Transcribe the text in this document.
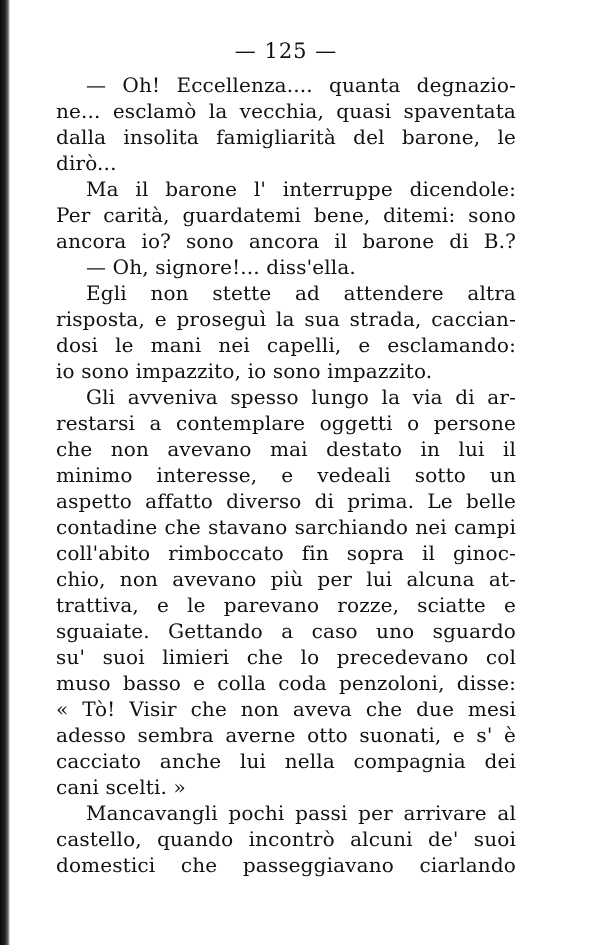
— 125 —
— Oh! Eccellenza.... quanta degnazio-
ne... esclamò la vecchia, quasi spaventata
dalla insolita famigliarità del barone, le
dirò...
Ma il barone l' interruppe dicendole:
Per carità, guardatemi bene, ditemi: sono
ancora io? sono ancora il barone di B.?
— Oh, signore!... diss'ella.
Egli non stette ad attendere altra
risposta, e proseguì la sua strada, caccian-
dosi le mani nei capelli, e esclamando:
io sono impazzito, io sono impazzito.
Gli avveniva spesso lungo la via di ar-
restarsi a contemplare oggetti o persone
che non avevano mai destato in lui il
minimo interesse, e vedeali sotto un
aspetto affatto diverso di prima. Le belle
contadine che stavano sarchiando nei campi
coll'abito rimboccato fin sopra il ginoc-
chio, non avevano più per lui alcuna at-
trattiva, e le parevano rozze, sciatte e
sguaiate. Gettando a caso uno sguardo
su' suoi limieri che lo precedevano col
muso basso e colla coda penzoloni, disse:
« Tò! Visir che non aveva che due mesi
adesso sembra averne otto suonati, e s' è
cacciato anche lui nella compagnia dei
cani scelti. »
Mancavangli pochi passi per arrivare al
castello, quando incontrò alcuni de' suoi
domestici che passeggiavano ciarlando
